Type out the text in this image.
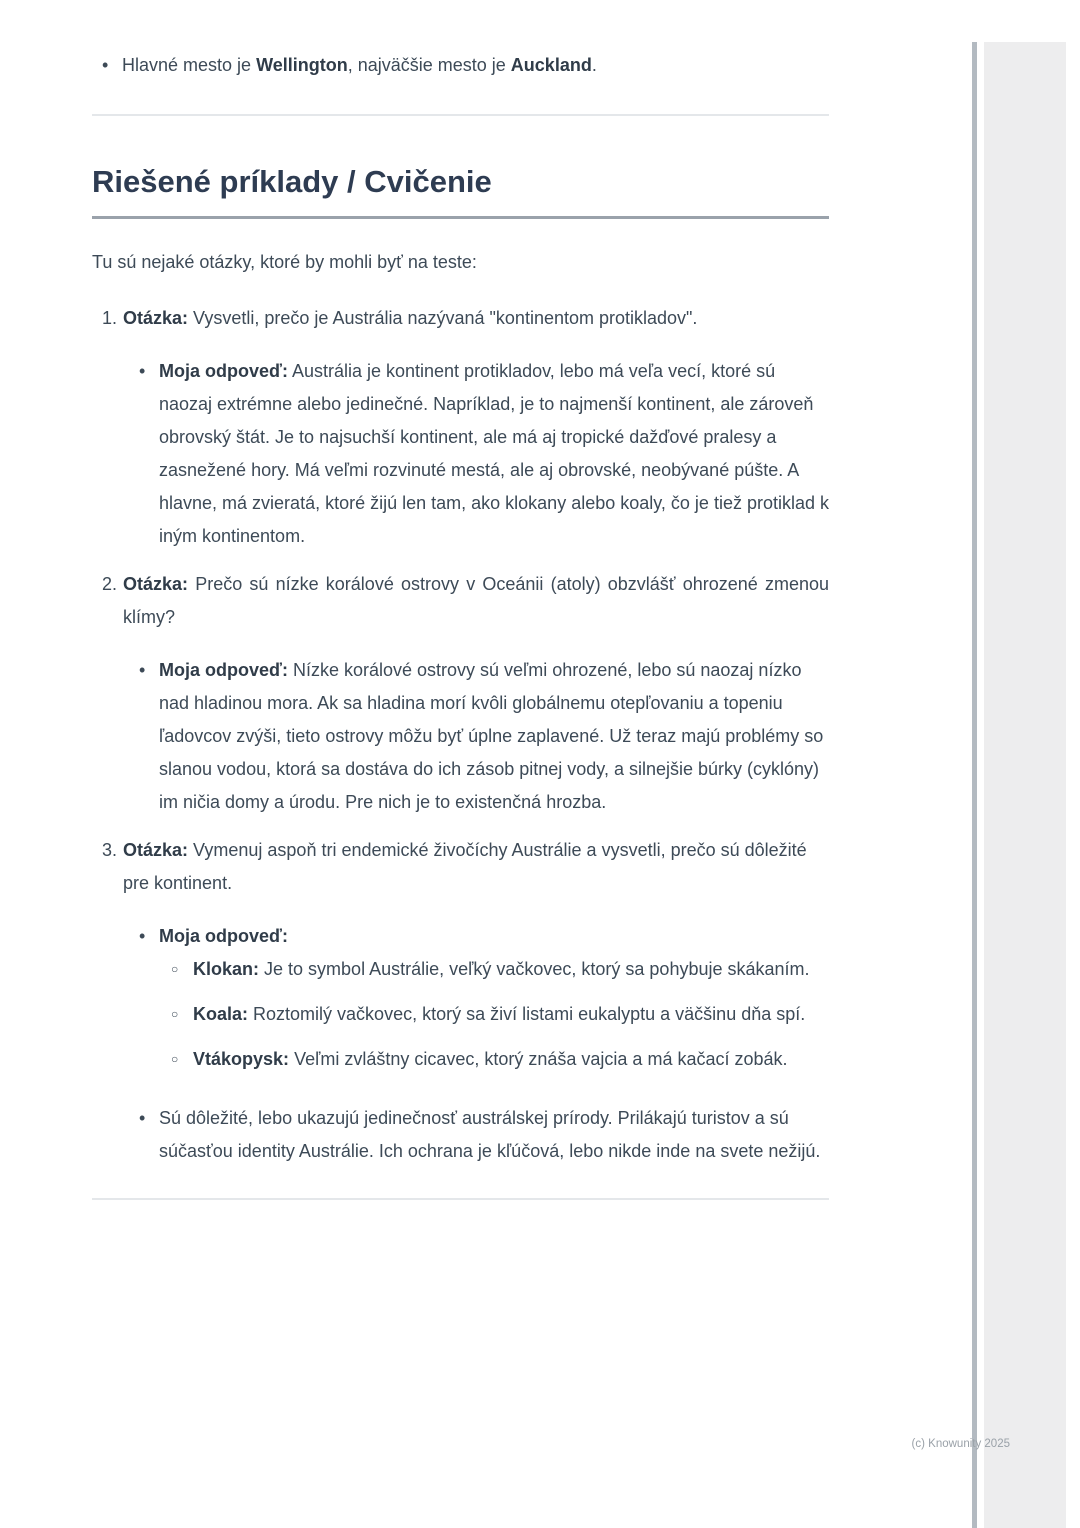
• Hlavné mesto je Wellington, najväčšie mesto je Auckland.

Riešené príklady / Cvičenie

Tu sú nejaké otázky, ktoré by mohli byť na teste:

1. Otázka: Vysvetli, prečo je Austrália nazývaná "kontinentom protikladov".

• Moja odpoveď: Austrália je kontinent protikladov, lebo má veľa vecí, ktoré sú naozaj extrémne alebo jedinečné. Napríklad, je to najmenší kontinent, ale zároveň obrovský štát. Je to najsuchší kontinent, ale má aj tropické dažďové pralesy a zasnežené hory. Má veľmi rozvinuté mestá, ale aj obrovské, neobývané púšte. A hlavne, má zvieratá, ktoré žijú len tam, ako klokany alebo koaly, čo je tiež protiklad k iným kontinentom.

2. Otázka: Prečo sú nízke korálové ostrovy v Oceánii (atoly) obzvlášť ohrozené zmenou klímy?

• Moja odpoveď: Nízke korálové ostrovy sú veľmi ohrozené, lebo sú naozaj nízko nad hladinou mora. Ak sa hladina morí kvôli globálnemu otepľovaniu a topeniu ľadovcov zvýši, tieto ostrovy môžu byť úplne zaplavené. Už teraz majú problémy so slanou vodou, ktorá sa dostáva do ich zásob pitnej vody, a silnejšie búrky (cyklóny) im ničia domy a úrodu. Pre nich je to existenčná hrozba.

3. Otázka: Vymenuj aspoň tri endemické živočíchy Austrálie a vysvetli, prečo sú dôležité pre kontinent.

• Moja odpoveď:

○ Klokan: Je to symbol Austrálie, veľký vačkovec, ktorý sa pohybuje skákaním.

○ Koala: Roztomilý vačkovec, ktorý sa živí listami eukalyptu a väčšinu dňa spí.

○ Vtákopysk: Veľmi zvláštny cicavec, ktorý znáša vajcia a má kačací zobák.

• Sú dôležité, lebo ukazujú jedinečnosť austrálskej prírody. Prilákajú turistov a sú súčasťou identity Austrálie. Ich ochrana je kľúčová, lebo nikde inde na svete nežijú.

(c) Knowunity 2025
